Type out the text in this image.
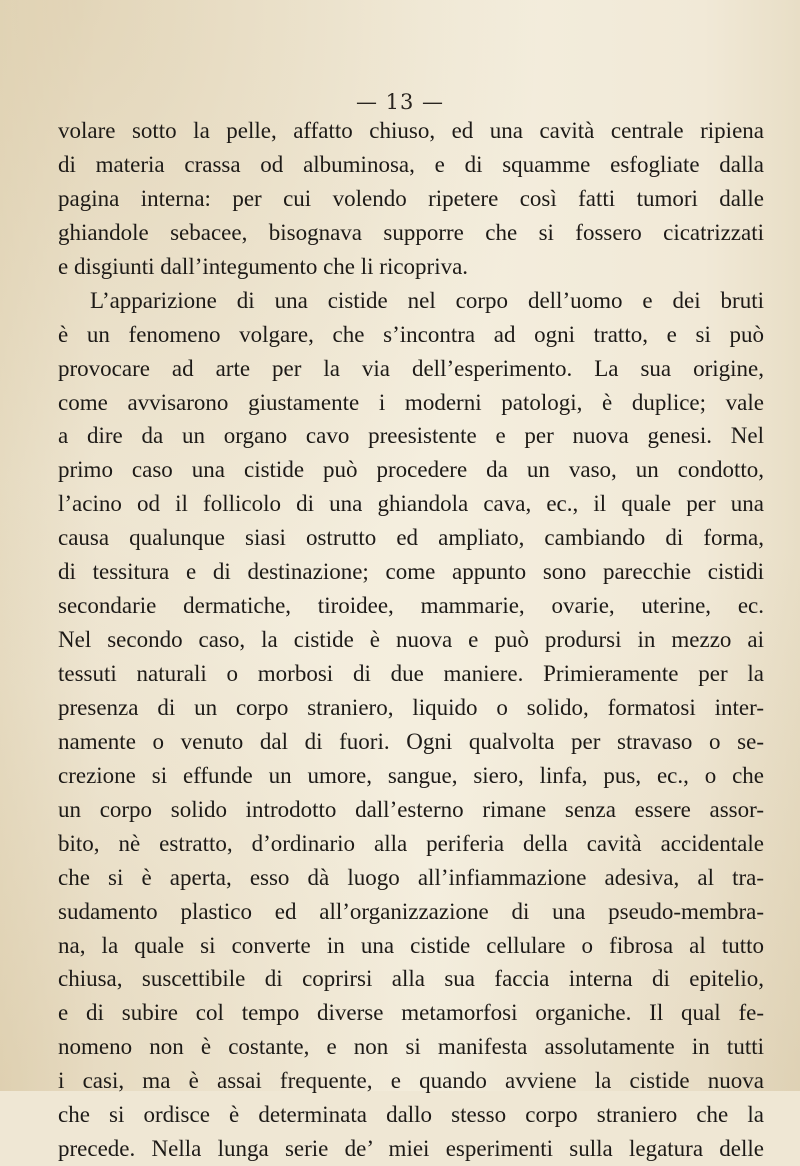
— 13 —
volare sotto la pelle, affatto chiuso, ed una cavità centrale ripiena
di materia crassa od albuminosa, e di squamme esfogliate dalla
pagina interna: per cui volendo ripetere così fatti tumori dalle
ghiandole sebacee, bisognava supporre che si fossero cicatrizzati
e disgiunti dall’integumento che li ricopriva.
L’apparizione di una cistide nel corpo dell’uomo e dei bruti
è un fenomeno volgare, che s’incontra ad ogni tratto, e si può
provocare ad arte per la via dell’esperimento. La sua origine,
come avvisarono giustamente i moderni patologi, è duplice; vale
a dire da un organo cavo preesistente e per nuova genesi. Nel
primo caso una cistide può procedere da un vaso, un condotto,
l’acino od il follicolo di una ghiandola cava, ec., il quale per una
causa qualunque siasi ostrutto ed ampliato, cambiando di forma,
di tessitura e di destinazione; come appunto sono parecchie cistidi
secondarie dermatiche, tiroidee, mammarie, ovarie, uterine, ec.
Nel secondo caso, la cistide è nuova e può prodursi in mezzo ai
tessuti naturali o morbosi di due maniere. Primieramente per la
presenza di un corpo straniero, liquido o solido, formatosi inter-
namente o venuto dal di fuori. Ogni qualvolta per stravaso o se-
crezione si effunde un umore, sangue, siero, linfa, pus, ec., o che
un corpo solido introdotto dall’esterno rimane senza essere assor-
bito, nè estratto, d’ordinario alla periferia della cavità accidentale
che si è aperta, esso dà luogo all’infiammazione adesiva, al tra-
sudamento plastico ed all’organizzazione di una pseudo-membra-
na, la quale si converte in una cistide cellulare o fibrosa al tutto
chiusa, suscettibile di coprirsi alla sua faccia interna di epitelio,
e di subire col tempo diverse metamorfosi organiche. Il qual fe-
nomeno non è costante, e non si manifesta assolutamente in tutti
i casi, ma è assai frequente, e quando avviene la cistide nuova
che si ordisce è determinata dallo stesso corpo straniero che la
precede. Nella lunga serie de’ miei esperimenti sulla legatura delle
